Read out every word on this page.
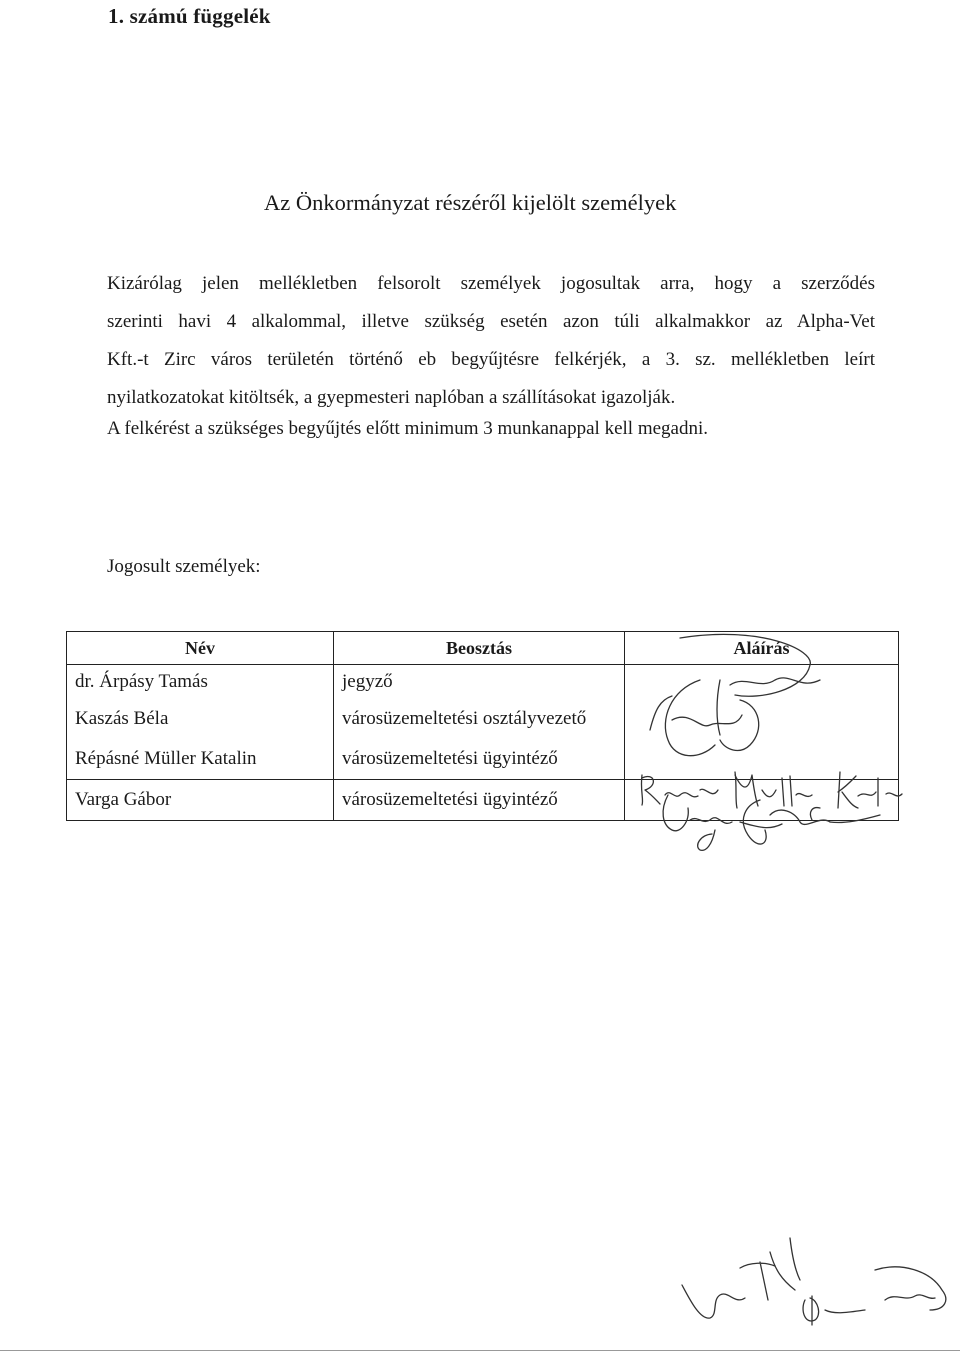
1. számú függelék
Az Önkormányzat részéről kijelölt személyek
Kizárólag jelen mellékletben felsorolt személyek jogosultak arra, hogy a szerződés
szerinti havi 4 alkalommal, illetve szükség esetén azon túli alkalmakkor az Alpha-Vet
Kft.-t Zirc város területén történő eb begyűjtésre felkérjék, a 3. sz. mellékletben leírt
nyilatkozatokat kitöltsék, a gyepmesteri naplóban a szállításokat igazolják.
A felkérést a szükséges begyűjtés előtt minimum 3 munkanappal kell megadni.
Jogosult személyek:
Név	Beosztás	Aláírás
dr. Árpásy Tamás	jegyző	
Kaszás Béla	városüzemeltetési osztályvezető	
Répásné Müller Katalin	városüzemeltetési ügyintéző	
Varga Gábor	városüzemeltetési ügyintéző	
